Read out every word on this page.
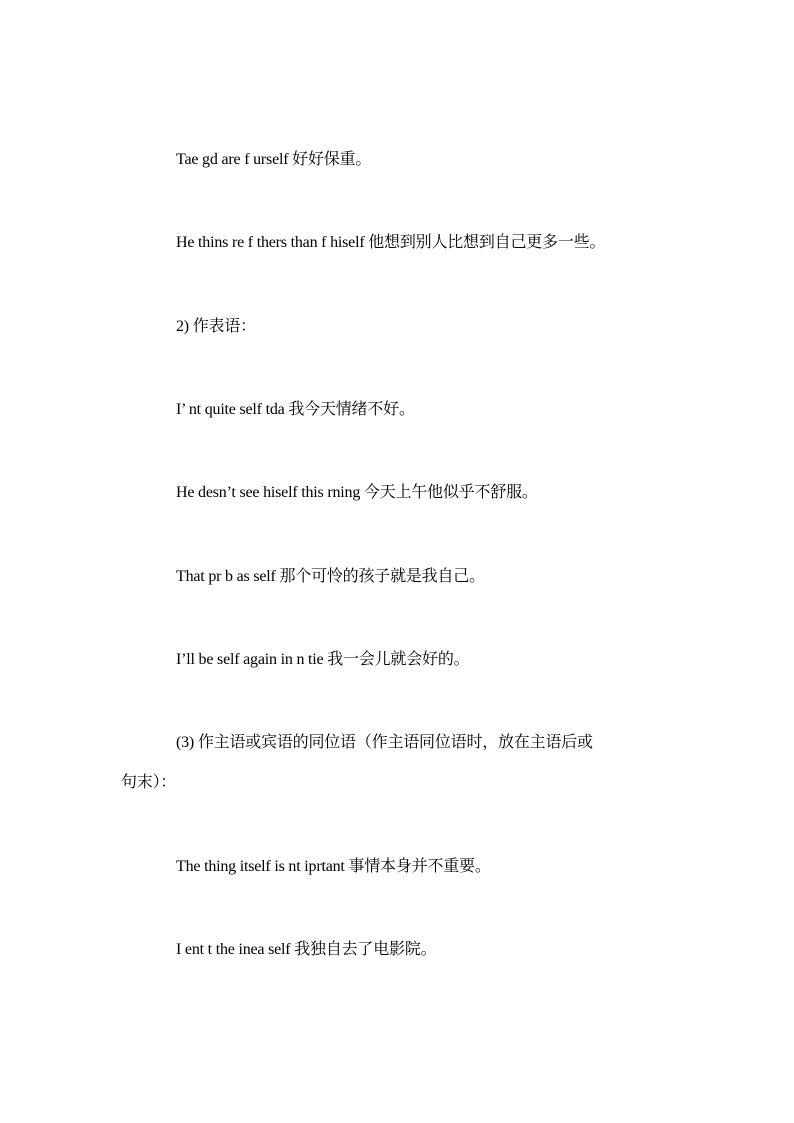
Tae gd are f urself 好好保重。
He thins re f thers than f hiself 他想到别人比想到自己更多一些。
2) 作表语：
I’ nt quite self tda 我今天情绪不好。
He desn’t see hiself this rning 今天上午他似乎不舒服。
That pr b as self 那个可怜的孩子就是我自己。
I’ll be self again in n tie 我一会儿就会好的。
(3) 作主语或宾语的同位语（作主语同位语时，放在主语后或
句末）：
The thing itself is nt iprtant 事情本身并不重要。
I ent t the inea self 我独自去了电影院。
